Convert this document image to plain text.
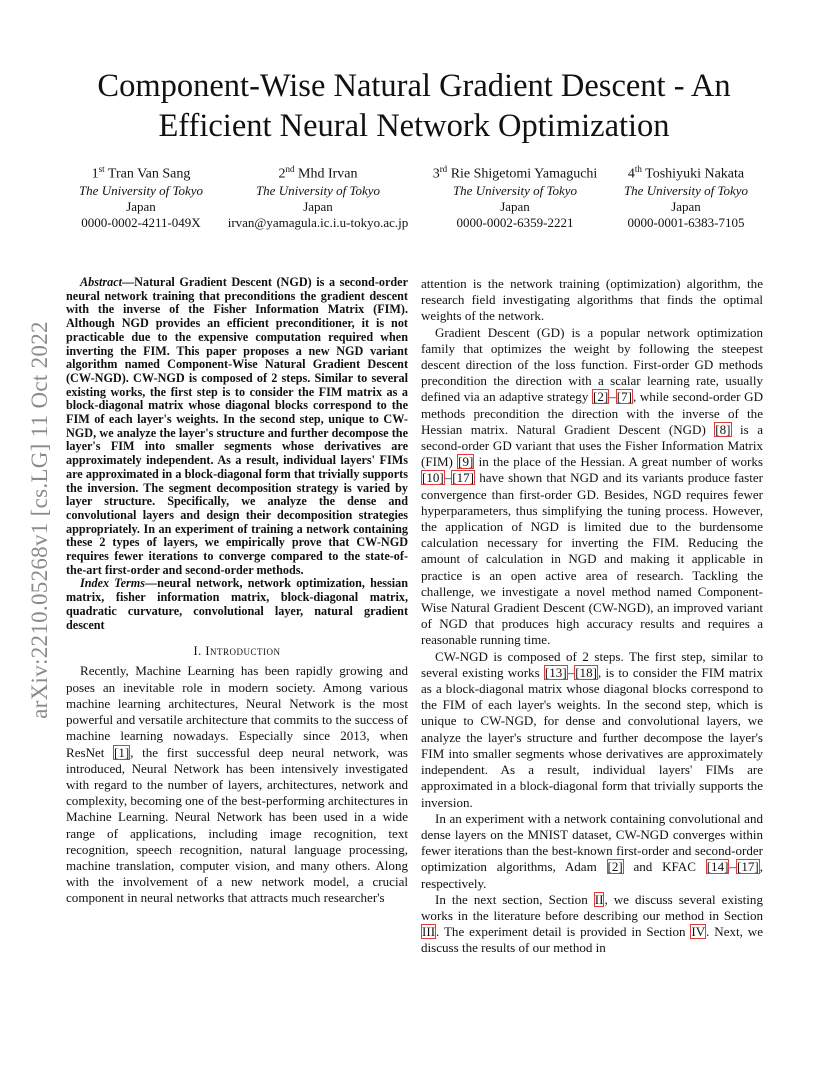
arXiv:2210.05268v1 [cs.LG] 11 Oct 2022
Component-Wise Natural Gradient Descent - An Efficient Neural Network Optimization
1st Tran Van Sang
The University of Tokyo
Japan
0000-0002-4211-049X
2nd Mhd Irvan
The University of Tokyo
Japan
irvan@yamagula.ic.i.u-tokyo.ac.jp
3rd Rie Shigetomi Yamaguchi
The University of Tokyo
Japan
0000-0002-6359-2221
4th Toshiyuki Nakata
The University of Tokyo
Japan
0000-0001-6383-7105

Abstract—Natural Gradient Descent (NGD) is a second-order neural network training that preconditions the gradient descent with the inverse of the Fisher Information Matrix (FIM). Although NGD provides an efficient preconditioner, it is not practicable due to the expensive computation required when inverting the FIM. This paper proposes a new NGD variant algorithm named Component-Wise Natural Gradient Descent (CW-NGD). CW-NGD is composed of 2 steps. Similar to several existing works, the first step is to consider the FIM matrix as a block-diagonal matrix whose diagonal blocks correspond to the FIM of each layer's weights. In the second step, unique to CW-NGD, we analyze the layer's structure and further decompose the layer's FIM into smaller segments whose derivatives are approximately independent. As a result, individual layers' FIMs are approximated in a block-diagonal form that trivially supports the inversion. The segment decomposition strategy is varied by layer structure. Specifically, we analyze the dense and convolutional layers and design their decomposition strategies appropriately. In an experiment of training a network containing these 2 types of layers, we empirically prove that CW-NGD requires fewer iterations to converge compared to the state-of-the-art first-order and second-order methods.

Index Terms—neural network, network optimization, hessian matrix, fisher information matrix, block-diagonal matrix, quadratic curvature, convolutional layer, natural gradient descent

I. Introduction

Recently, Machine Learning has been rapidly growing and poses an inevitable role in modern society. Among various machine learning architectures, Neural Network is the most powerful and versatile architecture that commits to the success of machine learning nowadays. Especially since 2013, when ResNet [1], the first successful deep neural network, was introduced, Neural Network has been intensively investigated with regard to the number of layers, architectures, network and complexity, becoming one of the best-performing architectures in Machine Learning. Neural Network has been used in a wide range of applications, including image recognition, text recognition, speech recognition, natural language processing, machine translation, computer vision, and many others. Along with the involvement of a new network model, a crucial component in neural networks that attracts much researcher's

attention is the network training (optimization) algorithm, the research field investigating algorithms that finds the optimal weights of the network.

Gradient Descent (GD) is a popular network optimization family that optimizes the weight by following the steepest descent direction of the loss function. First-order GD methods precondition the direction with a scalar learning rate, usually defined via an adaptive strategy [2]–[7], while second-order GD methods precondition the direction with the inverse of the Hessian matrix. Natural Gradient Descent (NGD) [8] is a second-order GD variant that uses the Fisher Information Matrix (FIM) [9] in the place of the Hessian. A great number of works [10]–[17] have shown that NGD and its variants produce faster convergence than first-order GD. Besides, NGD requires fewer hyperparameters, thus simplifying the tuning process. However, the application of NGD is limited due to the burdensome calculation necessary for inverting the FIM. Reducing the amount of calculation in NGD and making it applicable in practice is an open active area of research. Tackling the challenge, we investigate a novel method named Component-Wise Natural Gradient Descent (CW-NGD), an improved variant of NGD that produces high accuracy results and requires a reasonable running time.

CW-NGD is composed of 2 steps. The first step, similar to several existing works [13]–[18], is to consider the FIM matrix as a block-diagonal matrix whose diagonal blocks correspond to the FIM of each layer's weights. In the second step, which is unique to CW-NGD, for dense and convolutional layers, we analyze the layer's structure and further decompose the layer's FIM into smaller segments whose derivatives are approximately independent. As a result, individual layers' FIMs are approximated in a block-diagonal form that trivially supports the inversion.

In an experiment with a network containing convolutional and dense layers on the MNIST dataset, CW-NGD converges within fewer iterations than the best-known first-order and second-order optimization algorithms, Adam [2] and KFAC [14]–[17], respectively.

In the next section, Section II, we discuss several existing works in the literature before describing our method in Section III. The experiment detail is provided in Section IV. Next, we discuss the results of our method in
